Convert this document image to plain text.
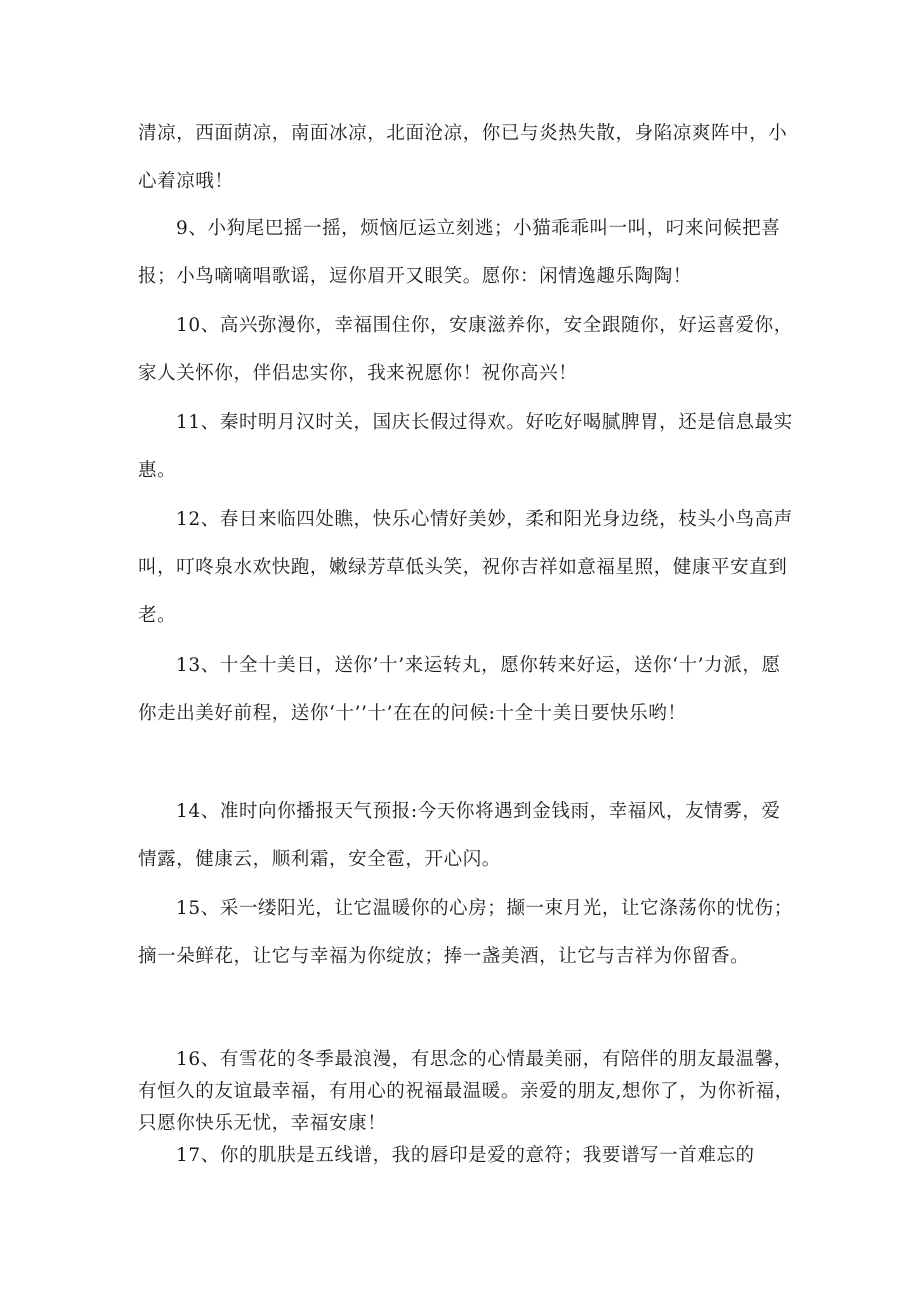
清凉，西面荫凉，南面冰凉，北面沧凉，你已与炎热失散，身陷凉爽阵中，小心着凉哦！

9、小狗尾巴摇一摇，烦恼厄运立刻逃；小猫乖乖叫一叫，叼来问候把喜报；小鸟嘀嘀唱歌谣，逗你眉开又眼笑。愿你：闲情逸趣乐陶陶！

10、高兴弥漫你，幸福围住你，安康滋养你，安全跟随你，好运喜爱你，家人关怀你，伴侣忠实你，我来祝愿你！祝你高兴！

11、秦时明月汉时关，国庆长假过得欢。好吃好喝腻脾胃，还是信息最实惠。

12、春日来临四处瞧，快乐心情好美妙，柔和阳光身边绕，枝头小鸟高声叫，叮咚泉水欢快跑，嫩绿芳草低头笑，祝你吉祥如意福星照，健康平安直到老。

13、十全十美日，送你’十’来运转丸，愿你转来好运，送你‘十’力派，愿你走出美好前程，送你‘十’’十’在在的问候:十全十美日要快乐哟！

14、准时向你播报天气预报:今天你将遇到金钱雨，幸福风，友情雾，爱情露，健康云，顺利霜，安全雹，开心闪。

15、采一缕阳光，让它温暖你的心房；撷一束月光，让它涤荡你的忧伤；摘一朵鲜花，让它与幸福为你绽放；捧一盏美酒，让它与吉祥为你留香。

16、有雪花的冬季最浪漫，有思念的心情最美丽，有陪伴的朋友最温馨，有恒久的友谊最幸福，有用心的祝福最温暖。亲爱的朋友,想你了，为你祈福，只愿你快乐无忧，幸福安康！

17、你的肌肤是五线谱，我的唇印是爱的意符；我要谱写一首难忘的
